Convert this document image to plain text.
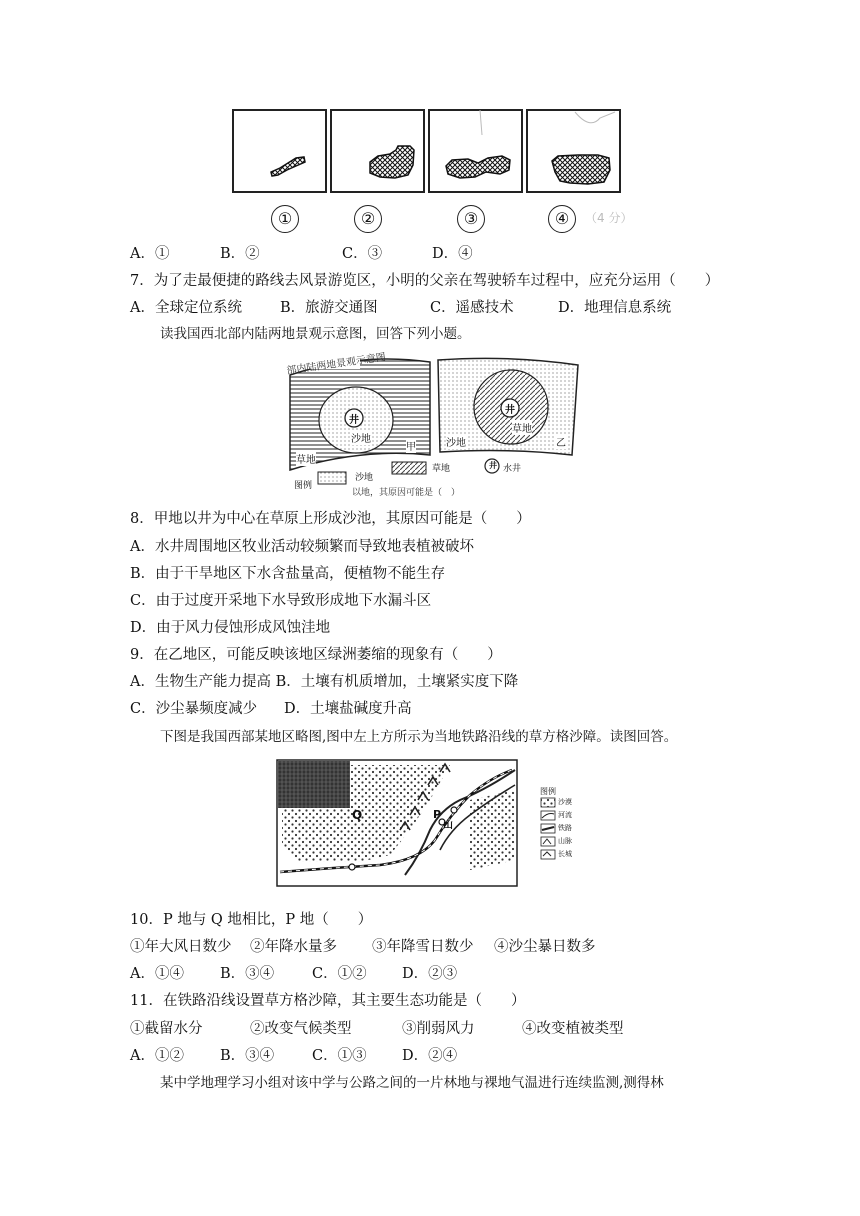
（4 分）
①	②	③	④
A．①	B．②	C．③	D．④
7．为了走最便捷的路线去风景游览区，小明的父亲在驾驶轿车过程中，应充分运用（　　）
A．全球定位系统	B．旅游交通图	C．遥感技术	D．地理信息系统
读我国西北部内陆两地景观示意图，回答下列小题。
部内陆两地景观示意图
井
沙地
甲
草地
井
草地
沙地	乙
图例
沙地
草地	井 水井
以地，其原因可能是（　）
8．甲地以井为中心在草原上形成沙池，其原因可能是（　　）
A．水井周围地区牧业活动较频繁而导致地表植被破坏
B．由于干旱地区下水含盐量高，便植物不能生存
C．由于过度开采地下水导致形成地下水漏斗区
D．由于风力侵蚀形成风蚀洼地
9．在乙地区，可能反映该地区绿洲萎缩的现象有（　　）
A．生物生产能力提高 B．土壤有机质增加，土壤紧实度下降
C．沙尘暴频度减少 D．土壤盐碱度升高
下图是我国西部某地区略图,图中左上方所示为当地铁路沿线的草方格沙障。读图回答。
Q	P
山
图例
沙漠
河流
铁路
山脉
长城
10．P 地与 Q 地相比，P 地（　　）
①年大风日数少 ②年降水量多 ③年降雪日数少 ④沙尘暴日数多
A．①④ B．③④	C．①② D．②③
11．在铁路沿线设置草方格沙障，其主要生态功能是（　　）
①截留水分	②改变气候类型	③削弱风力	④改变植被类型
A．①② B．③④	C．①③ D．②④
某中学地理学习小组对该中学与公路之间的一片林地与裸地气温进行连续监测,测得林
